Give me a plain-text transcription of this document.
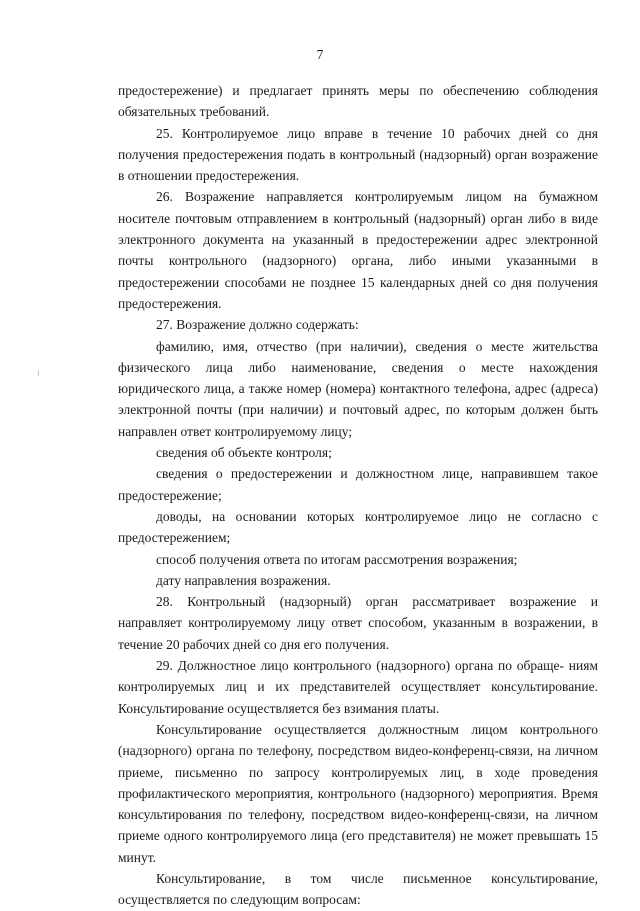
7

предостережение) и предлагает принять меры по обеспечению соблюдения обязательных требований.

25. Контролируемое лицо вправе в течение 10 рабочих дней со дня получения предостережения подать в контрольный (надзорный) орган возражение в отношении предостережения.

26. Возражение направляется контролируемым лицом на бумажном носителе почтовым отправлением в контрольный (надзорный) орган либо в виде электронного документа на указанный в предостережении адрес электронной почты контрольного (надзорного) органа, либо иными указанными в предостережении способами не позднее 15 календарных дней со дня получения предостережения.

27. Возражение должно содержать:

фамилию, имя, отчество (при наличии), сведения о месте жительства физического лица либо наименование, сведения о месте нахождения юридического лица, а также номер (номера) контактного телефона, адрес (адреса) электронной почты (при наличии) и почтовый адрес, по которым должен быть направлен ответ контролируемому лицу;

сведения об объекте контроля;

сведения о предостережении и должностном лице, направившем такое предостережение;

доводы, на основании которых контролируемое лицо не согласно с предостережением;

способ получения ответа по итогам рассмотрения возражения;

дату направления возражения.

28. Контрольный (надзорный) орган рассматривает возражение и направляет контролируемому лицу ответ способом, указанным в возражении, в течение 20 рабочих дней со дня его получения.

29. Должностное лицо контрольного (надзорного) органа по обраще- ниям контролируемых лиц и их представителей осуществляет консультирование. Консультирование осуществляется без взимания платы.

Консультирование осуществляется должностным лицом контрольного (надзорного) органа по телефону, посредством видео-конференц-связи, на личном приеме, письменно по запросу контролируемых лиц, в ходе проведения профилактического мероприятия, контрольного (надзорного) мероприятия. Время консультирования по телефону, посредством видео-конференц-связи, на личном приеме одного контролируемого лица (его представителя) не может превышать 15 минут.

Консультирование, в том числе письменное консультирование, осуществляется по следующим вопросам:
